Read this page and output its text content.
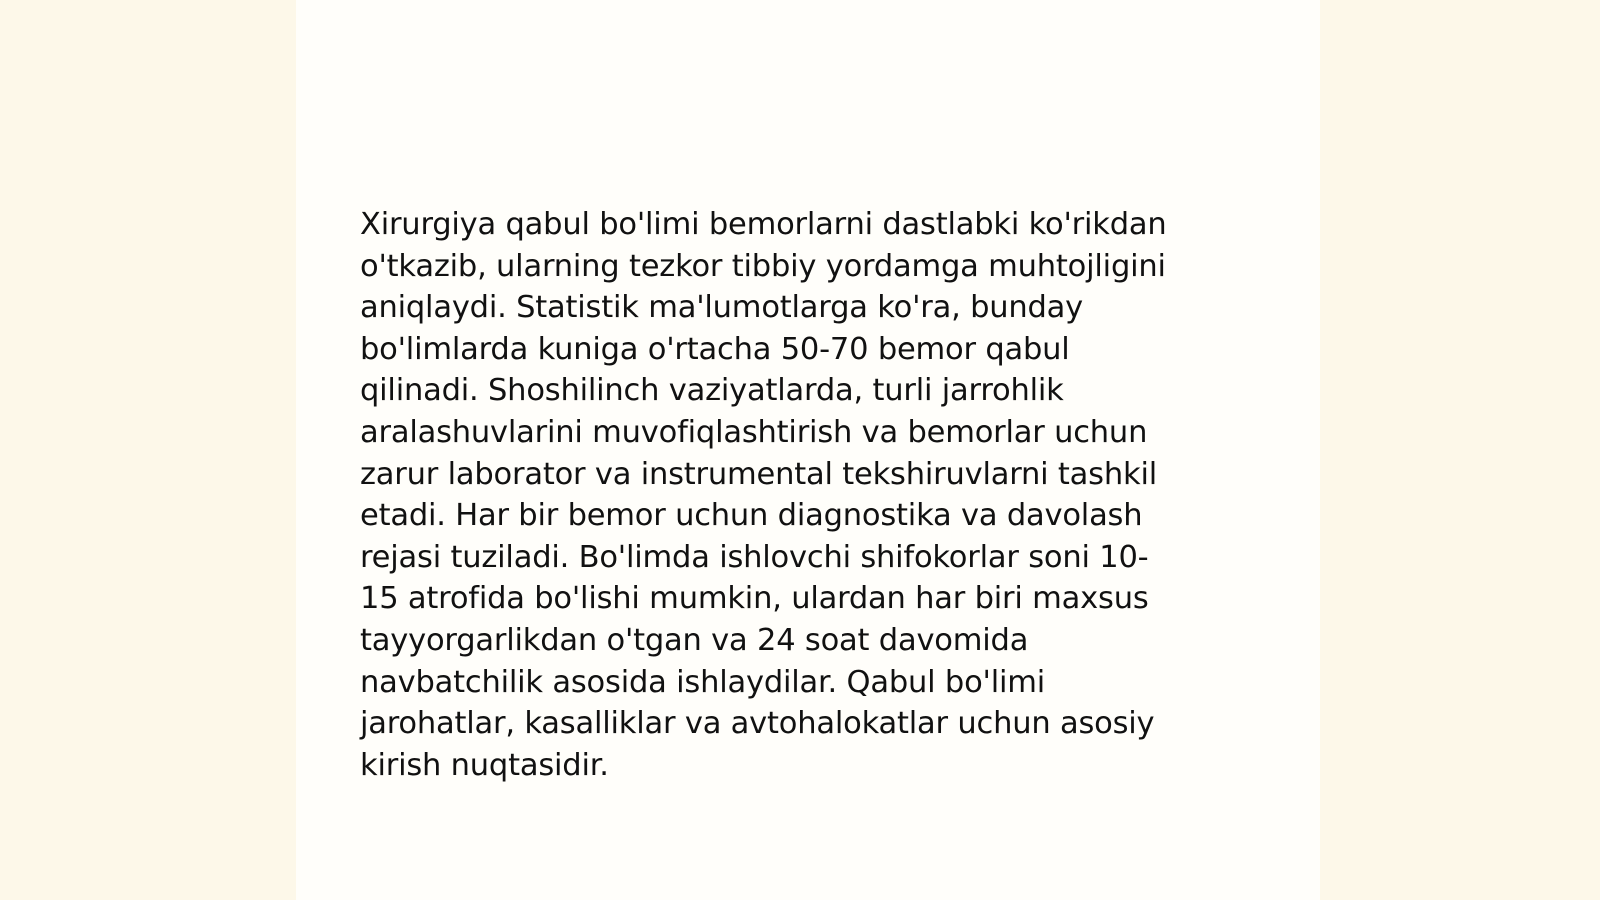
Xirurgiya qabul bo'limi bemorlarni dastlabki ko'rikdan
o'tkazib, ularning tezkor tibbiy yordamga muhtojligini
aniqlaydi. Statistik ma'lumotlarga ko'ra, bunday
bo'limlarda kuniga o'rtacha 50-70 bemor qabul
qilinadi. Shoshilinch vaziyatlarda, turli jarrohlik
aralashuvlarini muvofiqlashtirish va bemorlar uchun
zarur laborator va instrumental tekshiruvlarni tashkil
etadi. Har bir bemor uchun diagnostika va davolash
rejasi tuziladi. Bo'limda ishlovchi shifokorlar soni 10-
15 atrofida bo'lishi mumkin, ulardan har biri maxsus
tayyorgarlikdan o'tgan va 24 soat davomida
navbatchilik asosida ishlaydilar. Qabul bo'limi
jarohatlar, kasalliklar va avtohalokatlar uchun asosiy
kirish nuqtasidir.
